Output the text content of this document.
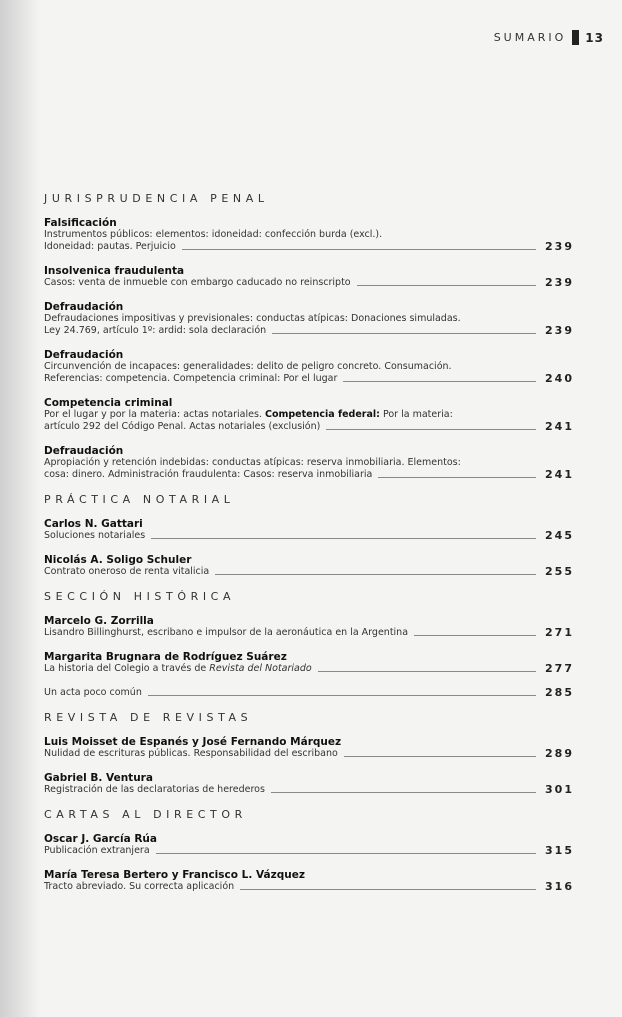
SUMARIO 13
JURISPRUDENCIA PENAL
Falsificación
Instrumentos públicos: elementos: idoneidad: confección burda (excl.).
Idoneidad: pautas. Perjuicio	239
Insolvenica fraudulenta
Casos: venta de inmueble con embargo caducado no reinscripto	239
Defraudación
Defraudaciones impositivas y previsionales: conductas atípicas: Donaciones simuladas.
Ley 24.769, artículo 1º: ardid: sola declaración	239
Defraudación
Circunvención de incapaces: generalidades: delito de peligro concreto. Consumación.
Referencias: competencia. Competencia criminal: Por el lugar	240
Competencia criminal
Por el lugar y por la materia: actas notariales. Competencia federal: Por la materia:
artículo 292 del Código Penal. Actas notariales (exclusión)	241
Defraudación
Apropiación y retención indebidas: conductas atípicas: reserva inmobiliaria. Elementos:
cosa: dinero. Administración fraudulenta: Casos: reserva inmobiliaria	241
PRÁCTICA NOTARIAL
Carlos N. Gattari
Soluciones notariales	245
Nicolás A. Soligo Schuler
Contrato oneroso de renta vitalicia	255
SECCIÓN HISTÓRICA
Marcelo G. Zorrilla
Lisandro Billinghurst, escribano e impulsor de la aeronáutica en la Argentina	271
Margarita Brugnara de Rodríguez Suárez
La historia del Colegio a través de Revista del Notariado	277
Un acta poco común	285
REVISTA DE REVISTAS
Luis Moisset de Espanés y José Fernando Márquez
Nulidad de escrituras públicas. Responsabilidad del escribano	289
Gabriel B. Ventura
Registración de las declaratorias de herederos	301
CARTAS AL DIRECTOR
Oscar J. García Rúa
Publicación extranjera	315
María Teresa Bertero y Francisco L. Vázquez
Tracto abreviado. Su correcta aplicación	316
